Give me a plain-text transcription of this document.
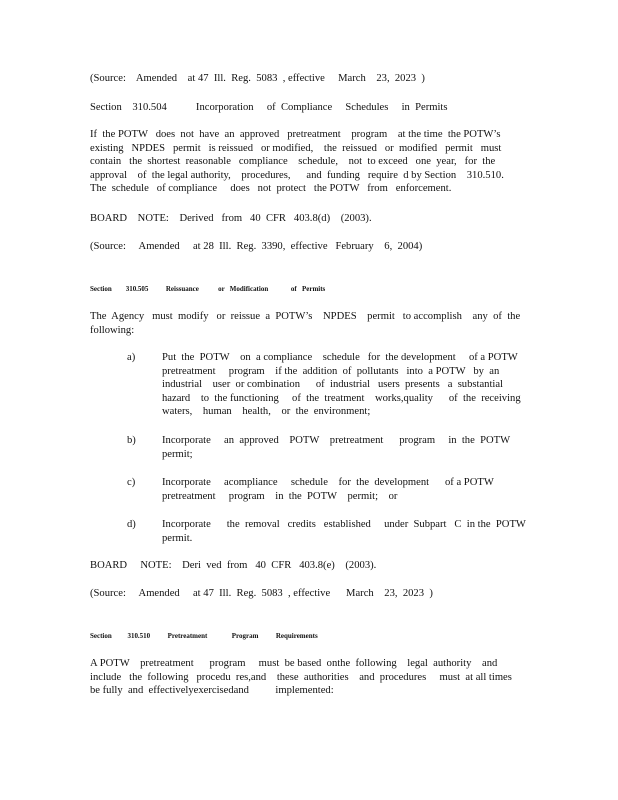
(Source:    Amended    at 47  Ill.  Reg.  5083  , effective     March    23,  2023  )

Section    310.504           Incorporation     of  Compliance     Schedules     in  Permits

If  the POTW   does  not  have  an  approved   pretreatment    program    at the time  the POTW’s
existing   NPDES   permit   is reissued   or modified,    the  reissued   or  modified   permit   must
contain   the  shortest  reasonable   compliance    schedule,    not  to exceed   one  year,   for  the
approval    of  the legal authority,    procedures,      and  funding   require  d by Section    310.510.
The  schedule   of compliance     does   not  protect   the POTW   from   enforcement.

BOARD    NOTE:    Derived   from   40  CFR   403.8(d)    (2003).

(Source:     Amended     at 28  Ill.  Reg.  3390,  effective   February    6,  2004)

Section        310.505          Reissuance           or   Modification             of   Permits

The  Agency   must  modify   or  reissue  a  POTW’s    NPDES    permit   to accomplish    any  of  the
following:

a)	Put  the  POTW    on  a compliance    schedule   for  the development     of a POTW
pretreatment     program    if the  addition  of  pollutants   into  a POTW   by  an
industrial    user  or combination      of  industrial   users  presents   a  substantial
hazard    to  the functioning     of  the  treatment    works,quality      of  the  receiving
waters,    human    health,    or  the  environment;
b) Incorporate     an  approved    POTW    pretreatment      program     in  the  POTW
permit;
c)	Incorporate     acompliance     schedule    for  the  development      of a POTW
pretreatment     program    in  the  POTW    permit;    or
d) Incorporate      the  removal   credits   established     under  Subpart   C  in the  POTW
permit.

BOARD     NOTE:    Deri  ved  from   40  CFR   403.8(e)    (2003).

(Source:     Amended     at 47  Ill.  Reg.  5083  , effective      March    23,  2023  )

Section         310.510          Pretreatment              Program          Requirements

A POTW    pretreatment      program     must  be based  onthe  following    legal  authority    and
include   the  following   procedu  res,and    these  authorities    and  procedures     must  at all times
be fully  and  effectivelyexercisedand          implemented:
